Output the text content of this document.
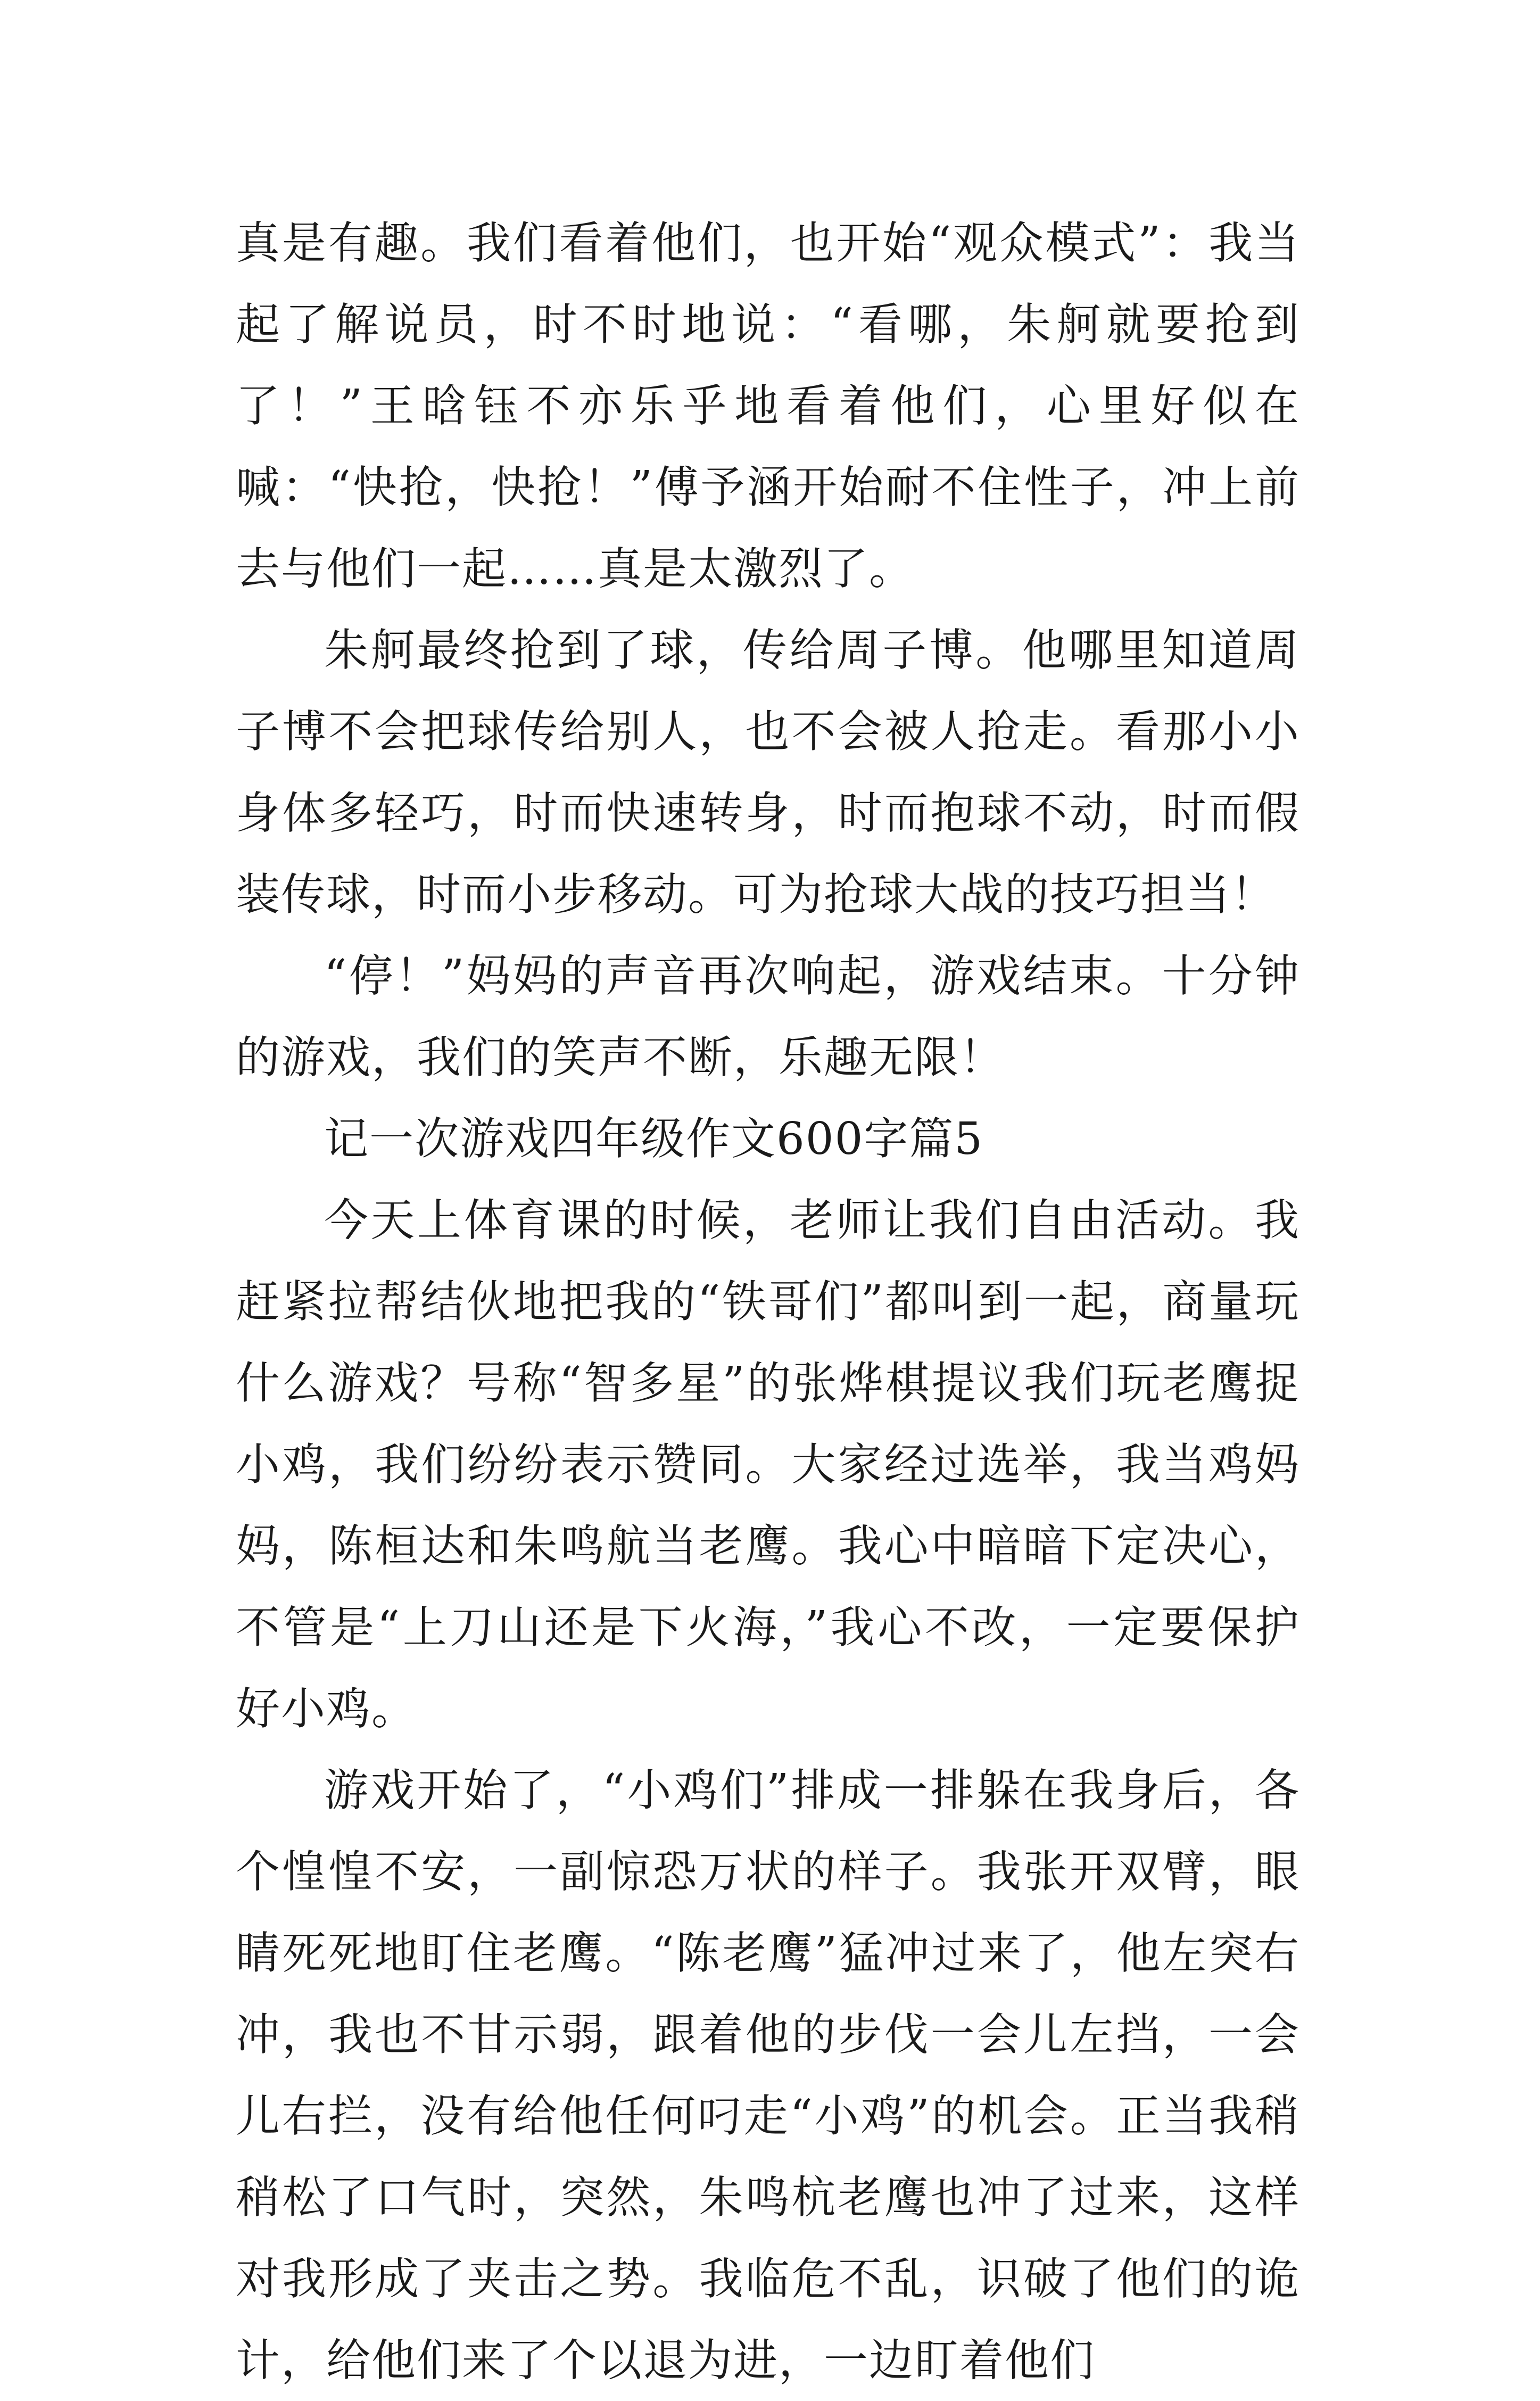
真是有趣。我们看着他们，也开始“观众模式”：我当起了解说员，时不时地说：“看哪，朱舸就要抢到了！”王晗钰不亦乐乎地看着他们，心里好似在喊：“快抢，快抢！”傅予涵开始耐不住性子，冲上前去与他们一起……真是太激烈了。

朱舸最终抢到了球，传给周子博。他哪里知道周子博不会把球传给别人，也不会被人抢走。看那小小身体多轻巧，时而快速转身，时而抱球不动，时而假装传球，时而小步移动。可为抢球大战的技巧担当！

“停！”妈妈的声音再次响起，游戏结束。十分钟的游戏，我们的笑声不断，乐趣无限！

记一次游戏四年级作文600字篇5

今天上体育课的时候，老师让我们自由活动。我赶紧拉帮结伙地把我的“铁哥们”都叫到一起，商量玩什么游戏？号称“智多星”的张烨棋提议我们玩老鹰捉小鸡，我们纷纷表示赞同。大家经过选举，我当鸡妈妈，陈桓达和朱鸣航当老鹰。我心中暗暗下定决心，不管是“上刀山还是下火海，”我心不改，一定要保护好小鸡。

游戏开始了，“小鸡们”排成一排躲在我身后，各个惶惶不安，一副惊恐万状的样子。我张开双臂，眼睛死死地盯住老鹰。“陈老鹰”猛冲过来了，他左突右冲，我也不甘示弱，跟着他的步伐一会儿左挡，一会儿右拦，没有给他任何叼走“小鸡”的机会。正当我稍稍松了口气时，突然，朱鸣杭老鹰也冲了过来，这样对我形成了夹击之势。我临危不乱，识破了他们的诡计，给他们来了个以退为进，一边盯着他们
